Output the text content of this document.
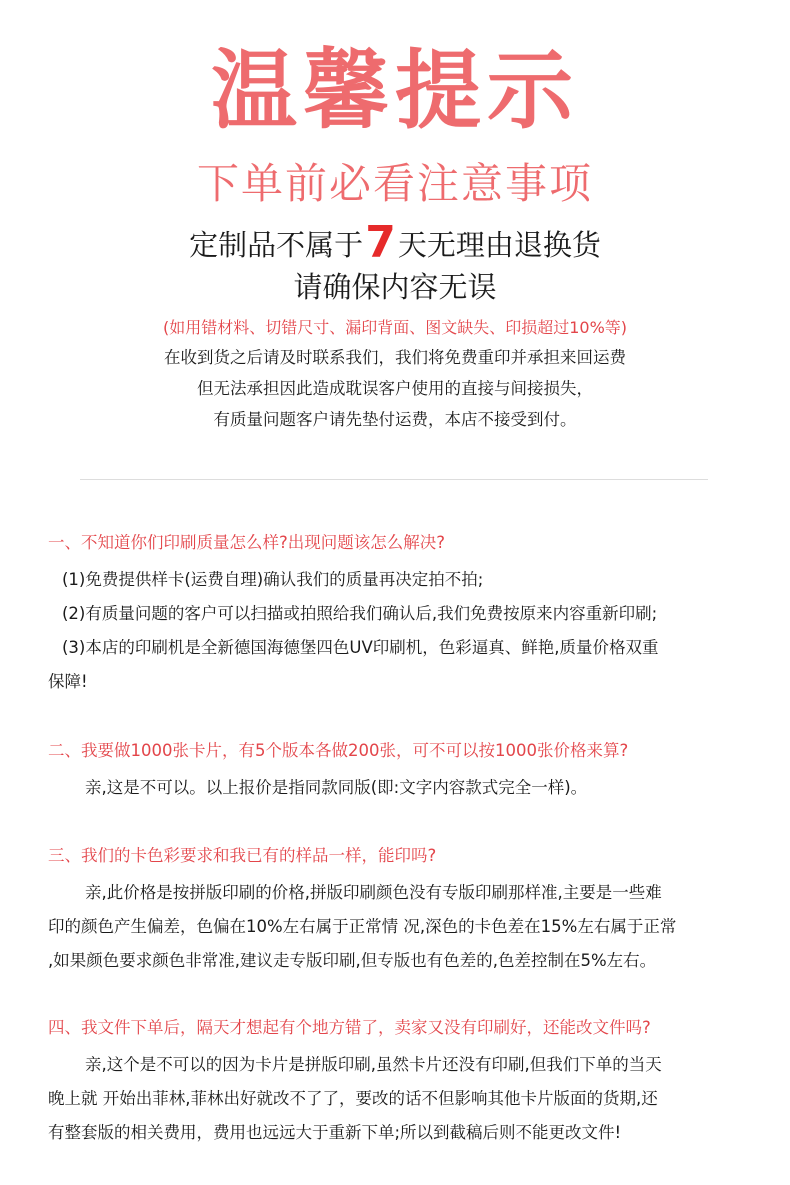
温馨提示
下单前必看注意事项
定制品不属于7天无理由退换货
请确保内容无误
(如用错材料、切错尺寸、漏印背面、图文缺失、印损超过10%等)
在收到货之后请及时联系我们，我们将免费重印并承担来回运费
但无法承担因此造成耽误客户使用的直接与间接损失，
有质量问题客户请先垫付运费，本店不接受到付。
一、不知道你们印刷质量怎么样?出现问题该怎么解决?
(1)免费提供样卡(运费自理)确认我们的质量再决定拍不拍;
(2)有质量问题的客户可以扫描或拍照给我们确认后,我们免费按原来内容重新印刷;
(3)本店的印刷机是全新德国海德堡四色UV印刷机，色彩逼真、鲜艳,质量价格双重
保障!
二、我要做1000张卡片，有5个版本各做200张，可不可以按1000张价格来算?
亲,这是不可以。以上报价是指同款同版(即:文字内容款式完全一样)。
三、我们的卡色彩要求和我已有的样品一样，能印吗?
亲,此价格是按拼版印刷的价格,拼版印刷颜色没有专版印刷那样准,主要是一些难
印的颜色产生偏差，色偏在10%左右属于正常情 况,深色的卡色差在15%左右属于正常
,如果颜色要求颜色非常准,建议走专版印刷,但专版也有色差的,色差控制在5%左右。
四、我文件下单后，隔天才想起有个地方错了，卖家又没有印刷好，还能改文件吗?
亲,这个是不可以的因为卡片是拼版印刷,虽然卡片还没有印刷,但我们下单的当天
晚上就 开始出菲林,菲林出好就改不了了，要改的话不但影响其他卡片版面的货期,还
有整套版的相关费用，费用也远远大于重新下单;所以到截稿后则不能更改文件!
